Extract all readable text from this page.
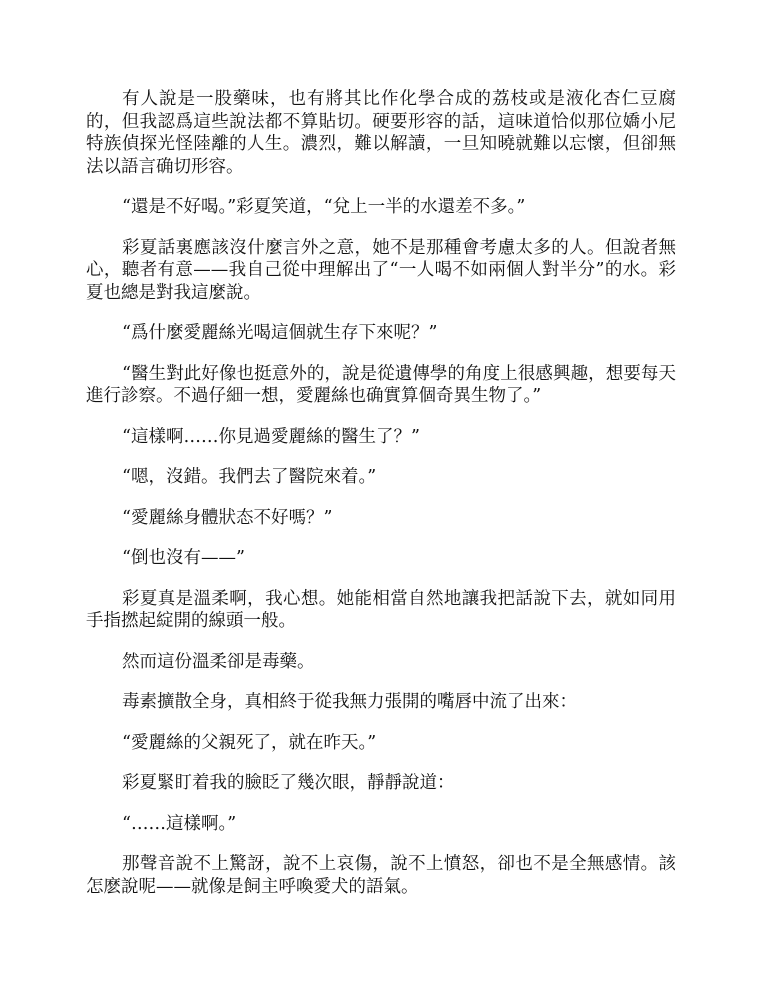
有人說是一股藥味，也有將其比作化學合成的荔枝或是液化杏仁豆腐的，但我認爲這些說法都不算貼切。硬要形容的話，這味道恰似那位嬌小尼特族偵探光怪陸離的人生。濃烈，難以解讀，一旦知曉就難以忘懷，但卻無法以語言确切形容。

“還是不好喝。”彩夏笑道，“兌上一半的水還差不多。”

彩夏話裏應該沒什麼言外之意，她不是那種會考慮太多的人。但說者無心，聽者有意——我自己從中理解出了“一人喝不如兩個人對半分”的水。彩夏也總是對我這麼說。

“爲什麼愛麗絲光喝這個就生存下來呢？”

“醫生對此好像也挺意外的，說是從遺傳學的角度上很感興趣，想要每天進行診察。不過仔細一想，愛麗絲也确實算個奇異生物了。”

“這樣啊……你見過愛麗絲的醫生了？”

“嗯，沒錯。我們去了醫院來着。”

“愛麗絲身體狀态不好嗎？”

“倒也沒有——”

彩夏真是溫柔啊，我心想。她能相當自然地讓我把話說下去，就如同用手指撚起綻開的線頭一般。

然而這份溫柔卻是毒藥。

毒素擴散全身，真相終于從我無力張開的嘴唇中流了出來：

“愛麗絲的父親死了，就在昨天。”

彩夏緊盯着我的臉眨了幾次眼，靜靜說道：

“……這樣啊。”

那聲音說不上驚訝，說不上哀傷，說不上憤怒，卻也不是全無感情。該怎麽說呢——就像是飼主呼喚愛犬的語氣。
